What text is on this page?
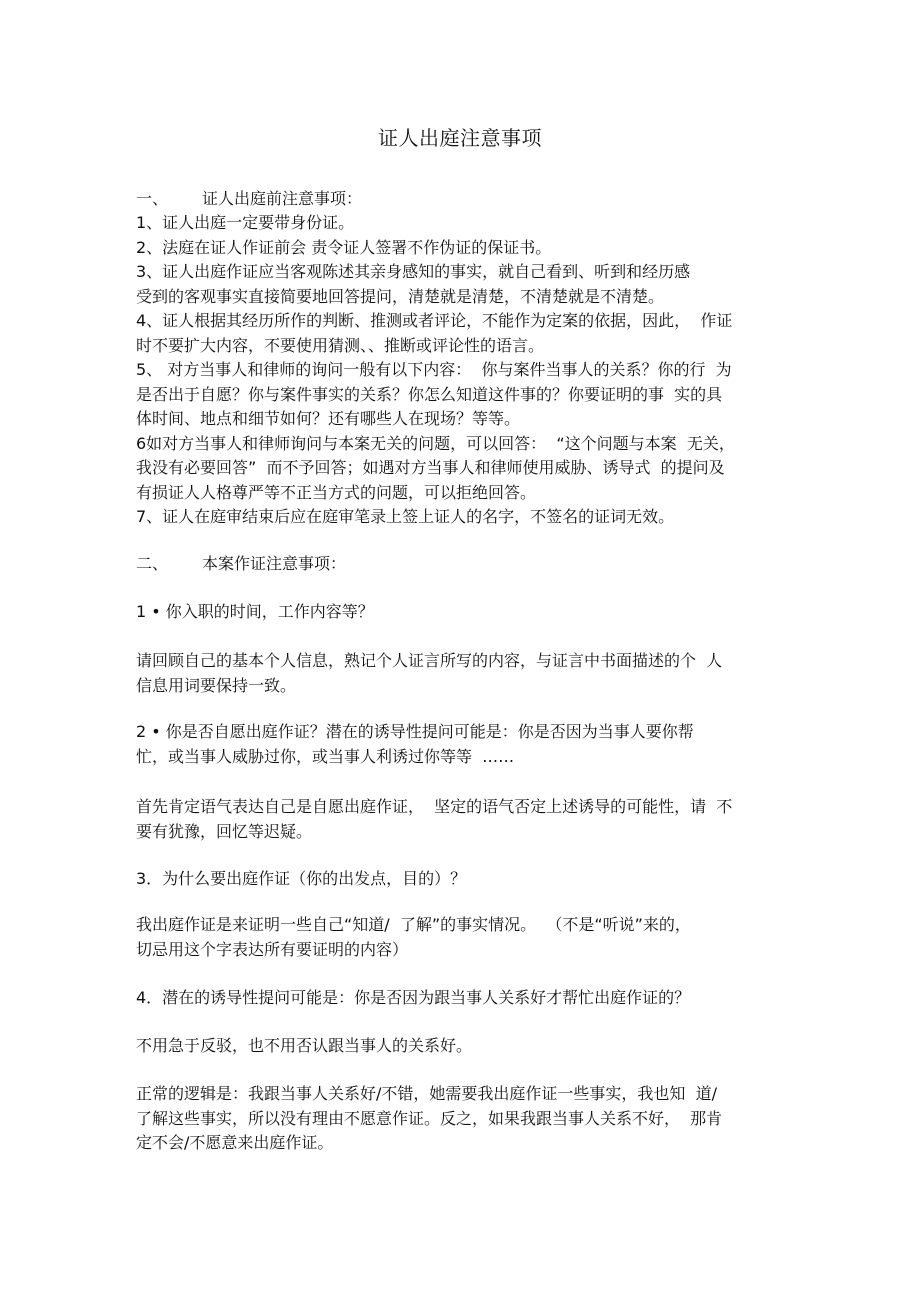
证人出庭注意事项
一、 证人出庭前注意事项：
1、证人出庭一定要带身份证。
2、法庭在证人作证前会 责令证人签署不作伪证的保证书。
3、证人出庭作证应当客观陈述其亲身感知的事实，就自己看到、听到和经历感
受到的客观事实直接简要地回答提问，清楚就是清楚，不清楚就是不清楚。
4、证人根据其经历所作的判断、推测或者评论，不能作为定案的依据，因此，  作证
时不要扩大内容，不要使用猜测、、推断或评论性的语言。
5、 对方当事人和律师的询问一般有以下内容：  你与案件当事人的关系？你的行  为
是否出于自愿？你与案件事实的关系？你怎么知道这件事的？你要证明的事  实的具
体时间、地点和细节如何？还有哪些人在现场？等等。
6如对方当事人和律师询问与本案无关的问题，可以回答：  “这个问题与本案  无关，
我没有必要回答”  而不予回答；如遇对方当事人和律师使用威胁、诱导式  的提问及
有损证人人格尊严等不正当方式的问题，可以拒绝回答。
7、证人在庭审结束后应在庭审笔录上签上证人的名字，不签名的证词无效。
二、 本案作证注意事项：
1 • 你入职的时间，工作内容等？
请回顾自己的基本个人信息，熟记个人证言所写的内容，与证言中书面描述的个  人
信息用词要保持一致。
2 • 你是否自愿出庭作证？潜在的诱导性提问可能是：你是否因为当事人要你帮
忙，或当事人威胁过你，或当事人利诱过你等等  ……
首先肯定语气表达自己是自愿出庭作证，  坚定的语气否定上述诱导的可能性，请  不
要有犹豫，回忆等迟疑。
3．为什么要出庭作证（你的出发点，目的）？
我出庭作证是来证明一些自己“知道/  了解”的事实情况。  （不是“听说”来的，
切忌用这个字表达所有要证明的内容）
4．潜在的诱导性提问可能是：你是否因为跟当事人关系好才帮忙出庭作证的？
不用急于反驳，也不用否认跟当事人的关系好。
正常的逻辑是：我跟当事人关系好/不错，她需要我出庭作证一些事实，我也知  道/
了解这些事实，所以没有理由不愿意作证。反之，如果我跟当事人关系不好，  那肯
定不会/不愿意来出庭作证。
